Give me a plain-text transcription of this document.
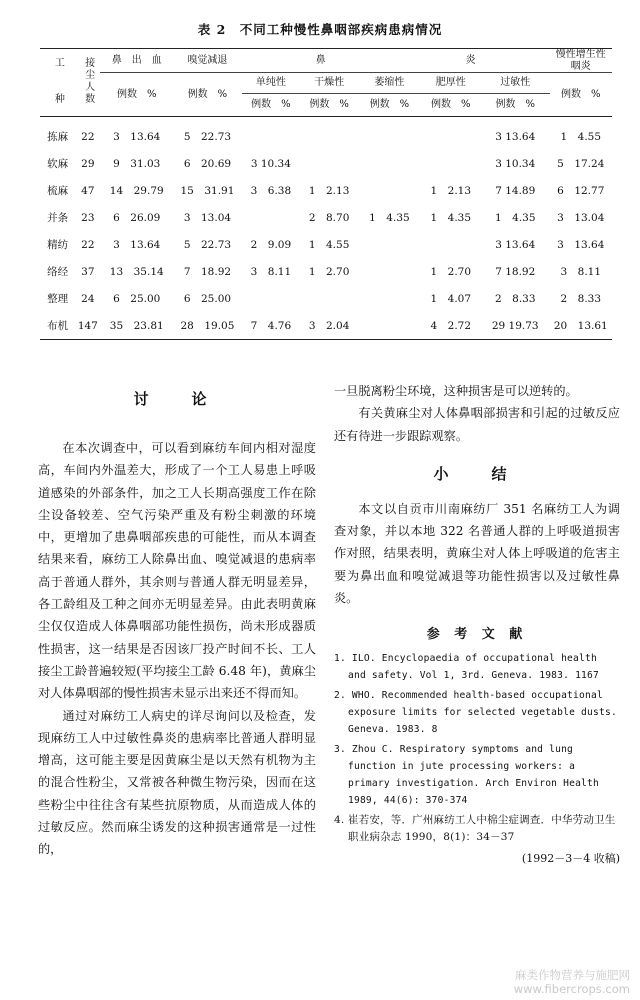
表 2　不同工种慢性鼻咽部疾病患病情况
工　　种	接尘人数	鼻　出　血	嗅觉减退	鼻　　　　　　　　　　　　　　炎					慢性增生性咽炎
		例数　%	例数　%	单纯性	干燥性	萎缩性	肥厚性	过敏性	例数　%
				例数　%	例数　%	例数　%	例数　%	例数　%	
拣麻	22	3　13.64	5　22.73					3 13.64	1　4.55
软麻	29	9　31.03	6　20.69	3 10.34				3 10.34	5　17.24
梳麻	47	14　29.79	15　31.91	3　6.38	1　2.13		1　2.13	7 14.89	6　12.77
并条	23	6　26.09	3　13.04		2　8.70	1　4.35	1　4.35	1　4.35	3　13.04
精纺	22	3　13.64	5　22.73	2　9.09	1　4.55			3 13.64	3　13.64
络经	37	13　35.14	7　18.92	3　8.11	1　2.70		1　2.70	7 18.92	3　8.11
整理	24	6　25.00	6　25.00				1　4.07	2　8.33	2　8.33
布机	147	35　23.81	28　19.05	7　4.76	3　2.04		4　2.72	29 19.73	20　13.61
讨　论

在本次调查中，可以看到麻纺车间内相对湿度高，车间内外温差大，形成了一个工人易患上呼吸道感染的外部条件，加之工人长期高强度工作在除尘设备较差、空气污染严重及有粉尘刺激的环境中，更增加了患鼻咽部疾患的可能性，而从本调查结果来看，麻纺工人除鼻出血、嗅觉减退的患病率高于普通人群外，其余则与普通人群无明显差异，各工龄组及工种之间亦无明显差异。由此表明黄麻尘仅仅造成人体鼻咽部功能性损伤，尚未形成器质性损害，这一结果是否因该厂投产时间不长、工人接尘工龄普遍较短(平均接尘工龄 6.48 年)，黄麻尘对人体鼻咽部的慢性损害未显示出来还不得而知。

通过对麻纺工人病史的详尽询问以及检查，发现麻纺工人中过敏性鼻炎的患病率比普通人群明显增高，这可能主要是因黄麻尘是以天然有机物为主的混合性粉尘，又常被各种微生物污染，因而在这些粉尘中往往含有某些抗原物质，从而造成人体的过敏反应。然而麻尘诱发的这种损害通常是一过性的，

一旦脱离粉尘环境，这种损害是可以逆转的。

有关黄麻尘对人体鼻咽部损害和引起的过敏反应还有待进一步跟踪观察。

小　结

本文以自贡市川南麻纺厂 351 名麻纺工人为调查对象，并以本地 322 名普通人群的上呼吸道损害作对照，结果表明，黄麻尘对人体上呼吸道的危害主要为鼻出血和嗅觉减退等功能性损害以及过敏性鼻炎。

参 考 文 献

1. ILO. Encyclopaedia of occupational health and safety. Vol 1, 3rd. Geneva. 1983. 1167

2. WHO. Recommended health-based occupational exposure limits for selected vegetable dusts. Geneva. 1983. 8

3. Zhou C. Respiratory symptoms and lung function in jute processing workers: a primary investigation. Arch Environ Health 1989, 44(6): 370-374

4. 崔若安，等．广州麻纺工人中棉尘症调查．中华劳动卫生职业病杂志 1990，8(1)：34－37

(1992－3－4 收稿)
麻类作物营养与施肥网
www.fibercrops.com
